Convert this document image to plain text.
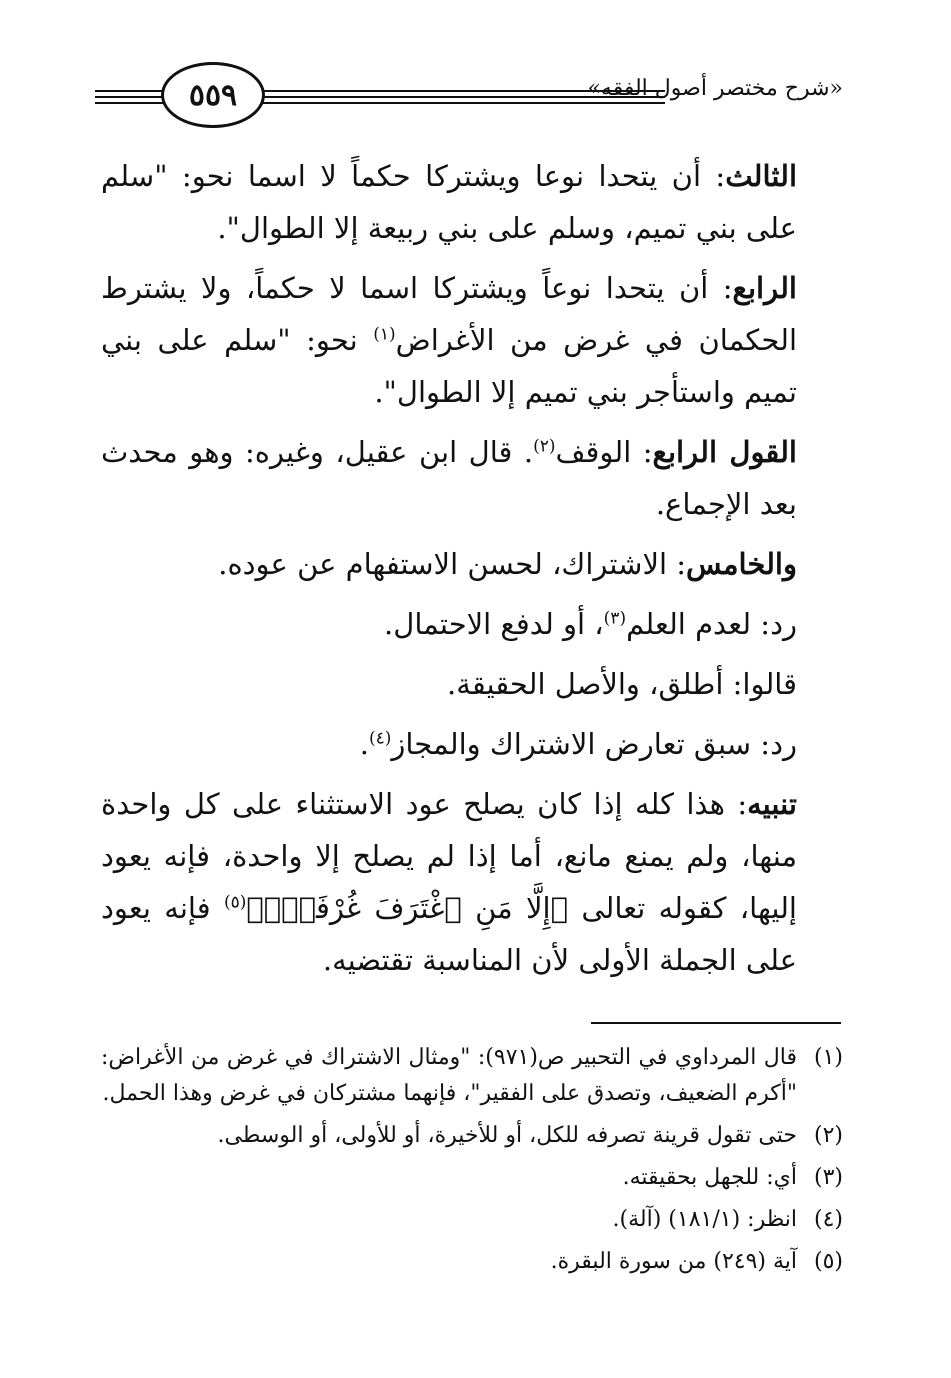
٥٥٩	«شرح مختصر أصول الفقه»

الثالث: أن يتحدا نوعا ويشتركا حكماً لا اسما نحو: "سلم على بني تميم، وسلم على بني ربيعة إلا الطوال".

الرابع: أن يتحدا نوعاً ويشتركا اسما لا حكماً، ولا يشترط الحكمان في غرض من الأغراض$^{(١)}$ نحو: "سلم على بني تميم واستأجر بني تميم إلا الطوال".

القول الرابع: الوقف$^{(٢)}$. قال ابن عقيل، وغيره: وهو محدث بعد الإجماع.

والخامس: الاشتراك، لحسن الاستفهام عن عوده.

رد: لعدم العلم$^{(٣)}$، أو لدفع الاحتمال.

قالوا: أطلق، والأصل الحقيقة.

رد: سبق تعارض الاشتراك والمجاز$^{(٤)}$.

تنبيه: هذا كله إذا كان يصلح عود الاستثناء على كل واحدة منها، ولم يمنع مانع، أما إذا لم يصلح إلا واحدة، فإنه يعود إليها، كقوله تعالى ﴿إِلَّا مَنِ ٱغْتَرَفَ غُرْفَةًۢ﴾$^{(٥)}$ فإنه يعود على الجملة الأولى لأن المناسبة تقتضيه.

(١)
قال المرداوي في التحبير ص(٩٧١): "ومثال الاشتراك في غرض من الأغراض: "أكرم الضعيف، وتصدق على الفقير"، فإنهما مشتركان في غرض وهذا الحمل.

(٢)
حتى تقول قرينة تصرفه للكل، أو للأخيرة، أو للأولى، أو الوسطى.

(٣)
أي: للجهل بحقيقته.

(٤)
انظر: (١٨١/١) (آلة).

(٥)
آية (٢٤٩) من سورة البقرة.
